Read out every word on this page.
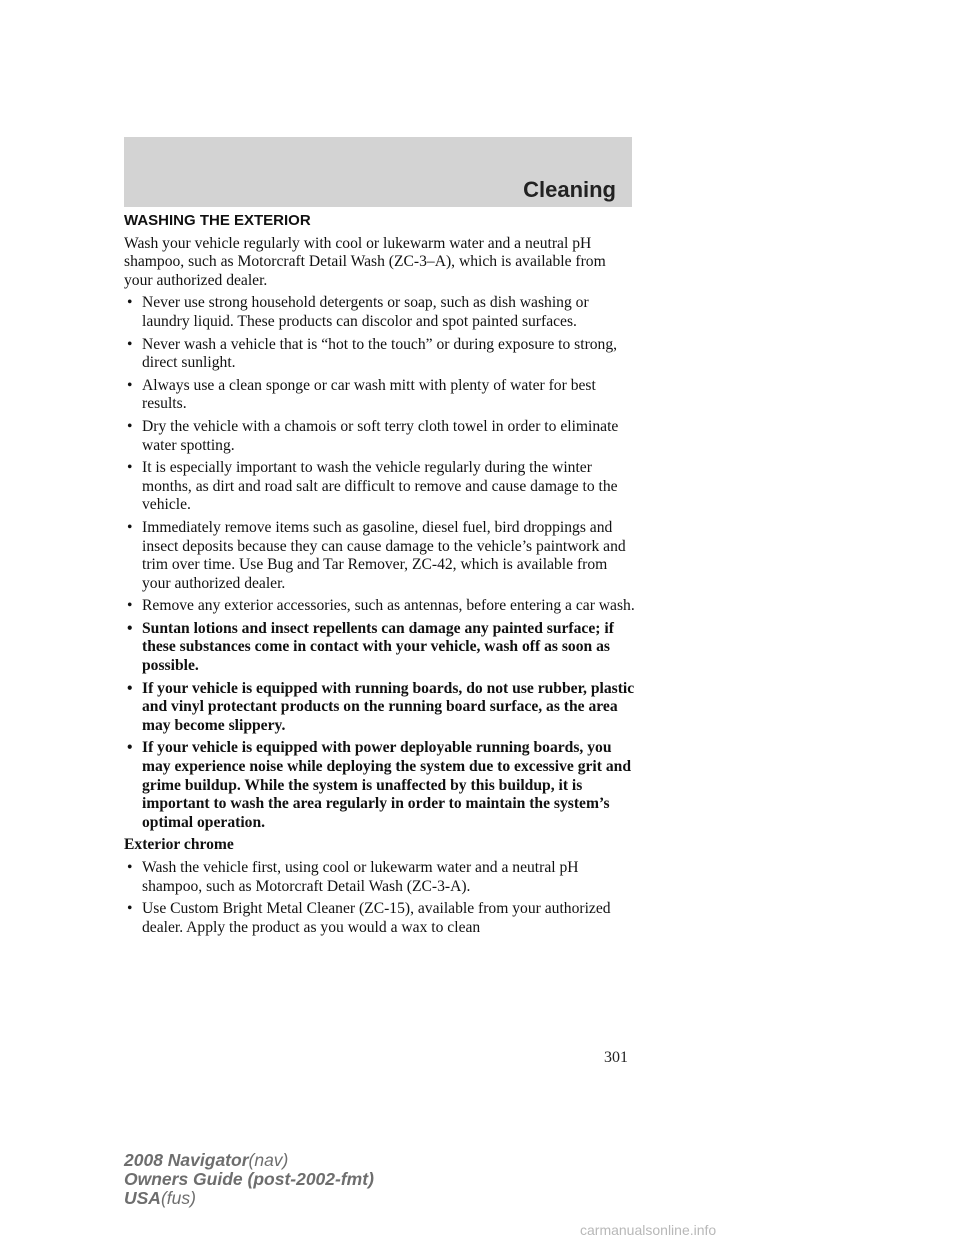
Cleaning
WASHING THE EXTERIOR

Wash your vehicle regularly with cool or lukewarm water and a neutral pH shampoo, such as Motorcraft Detail Wash (ZC-3–A), which is available from your authorized dealer.

• Never use strong household detergents or soap, such as dish washing or laundry liquid. These products can discolor and spot painted surfaces.
• Never wash a vehicle that is “hot to the touch” or during exposure to strong, direct sunlight.
• Always use a clean sponge or car wash mitt with plenty of water for best results.
• Dry the vehicle with a chamois or soft terry cloth towel in order to eliminate water spotting.
• It is especially important to wash the vehicle regularly during the winter months, as dirt and road salt are difficult to remove and cause damage to the vehicle.
• Immediately remove items such as gasoline, diesel fuel, bird droppings and insect deposits because they can cause damage to the vehicle’s paintwork and trim over time. Use Bug and Tar Remover, ZC-42, which is available from your authorized dealer.
• Remove any exterior accessories, such as antennas, before entering a car wash.
• Suntan lotions and insect repellents can damage any painted surface; if these substances come in contact with your vehicle, wash off as soon as possible.
• If your vehicle is equipped with running boards, do not use rubber, plastic and vinyl protectant products on the running board surface, as the area may become slippery.
• If your vehicle is equipped with power deployable running boards, you may experience noise while deploying the system due to excessive grit and grime buildup. While the system is unaffected by this buildup, it is important to wash the area regularly in order to maintain the system’s optimal operation.
Exterior chrome
• Wash the vehicle first, using cool or lukewarm water and a neutral pH shampoo, such as Motorcraft Detail Wash (ZC-3-A).
• Use Custom Bright Metal Cleaner (ZC-15), available from your authorized dealer. Apply the product as you would a wax to clean
301
2008 Navigator(nav)
Owners Guide (post-2002-fmt)
USA(fus)
carmanualsonline.info
